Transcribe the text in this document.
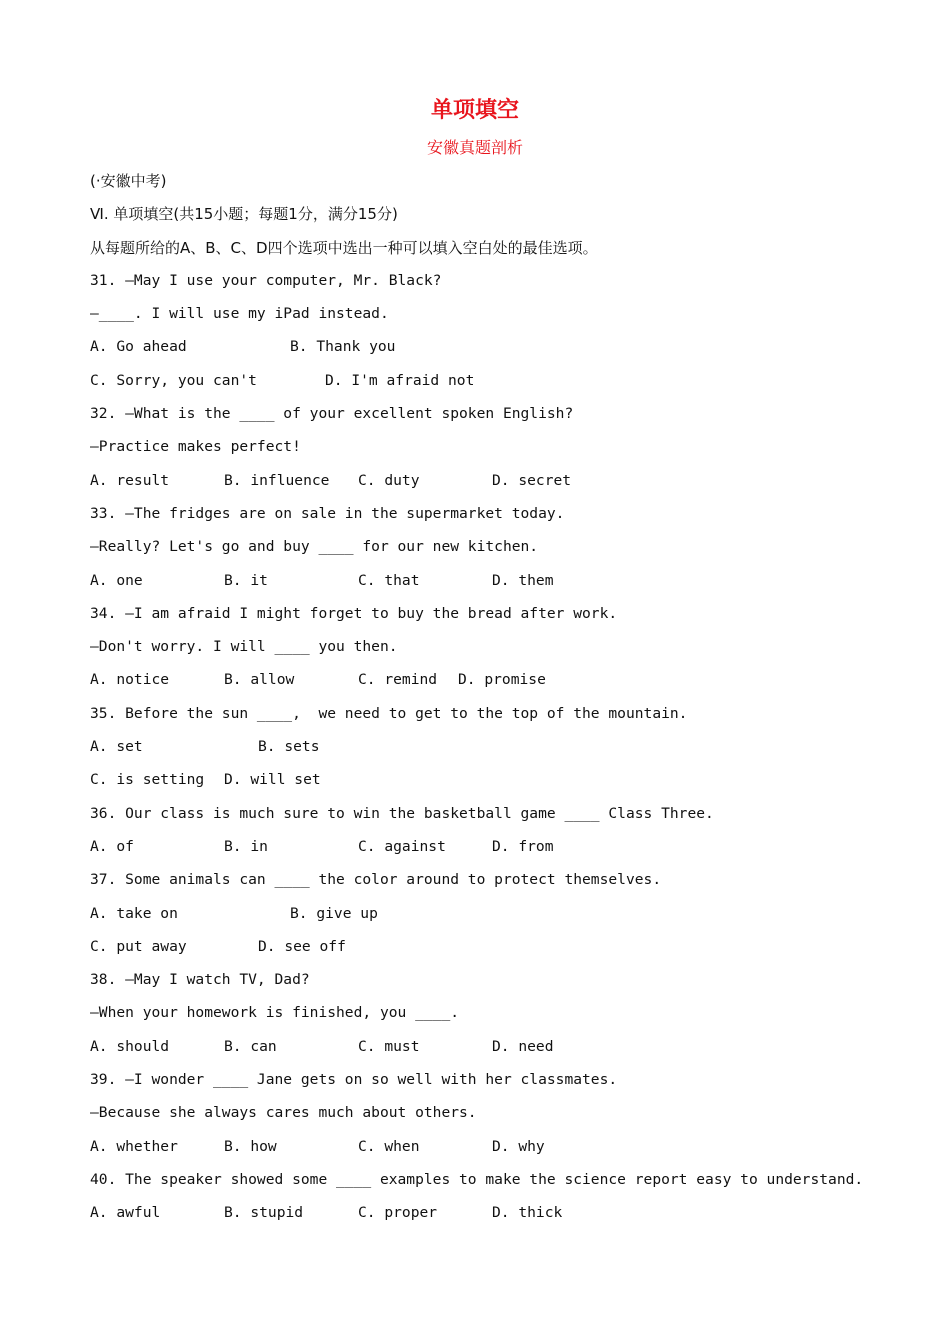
单项填空
安徽真题剖析
(·安徽中考)
Ⅵ. 单项填空(共15小题；每题1分，满分15分)
从每题所给的A、B、C、D四个选项中选出一种可以填入空白处的最佳选项。
31. —May I use your computer, Mr. Black?
—____. I will use my iPad instead.
A. Go ahead	B. Thank you
C. Sorry, you can't	D. I'm afraid not
32. —What is the ____ of your excellent spoken English?
—Practice makes perfect!
A. result	B. influence	C. duty	D. secret
33. —The fridges are on sale in the supermarket today.
—Really? Let's go and buy ____ for our new kitchen.
A. one	B. it	C. that	D. them
34. —I am afraid I might forget to buy the bread after work.
—Don't worry. I will ____ you then.
A. notice	B. allow	C. remind	D. promise
35. Before the sun ____,  we need to get to the top of the mountain.
A. set	B. sets
C. is setting	D. will set
36. Our class is much sure to win the basketball game ____ Class Three.
A. of	B. in	C. against	D. from
37. Some animals can ____ the color around to protect themselves.
A. take on	B. give up
C. put away	D. see off
38. —May I watch TV, Dad?
—When your homework is finished, you ____.
A. should	B. can	C. must	D. need
39. —I wonder ____ Jane gets on so well with her classmates.
—Because she always cares much about others.
A. whether	B. how	C. when	D. why
40. The speaker showed some ____ examples to make the science report easy to understand.
A. awful	B. stupid	C. proper	D. thick
